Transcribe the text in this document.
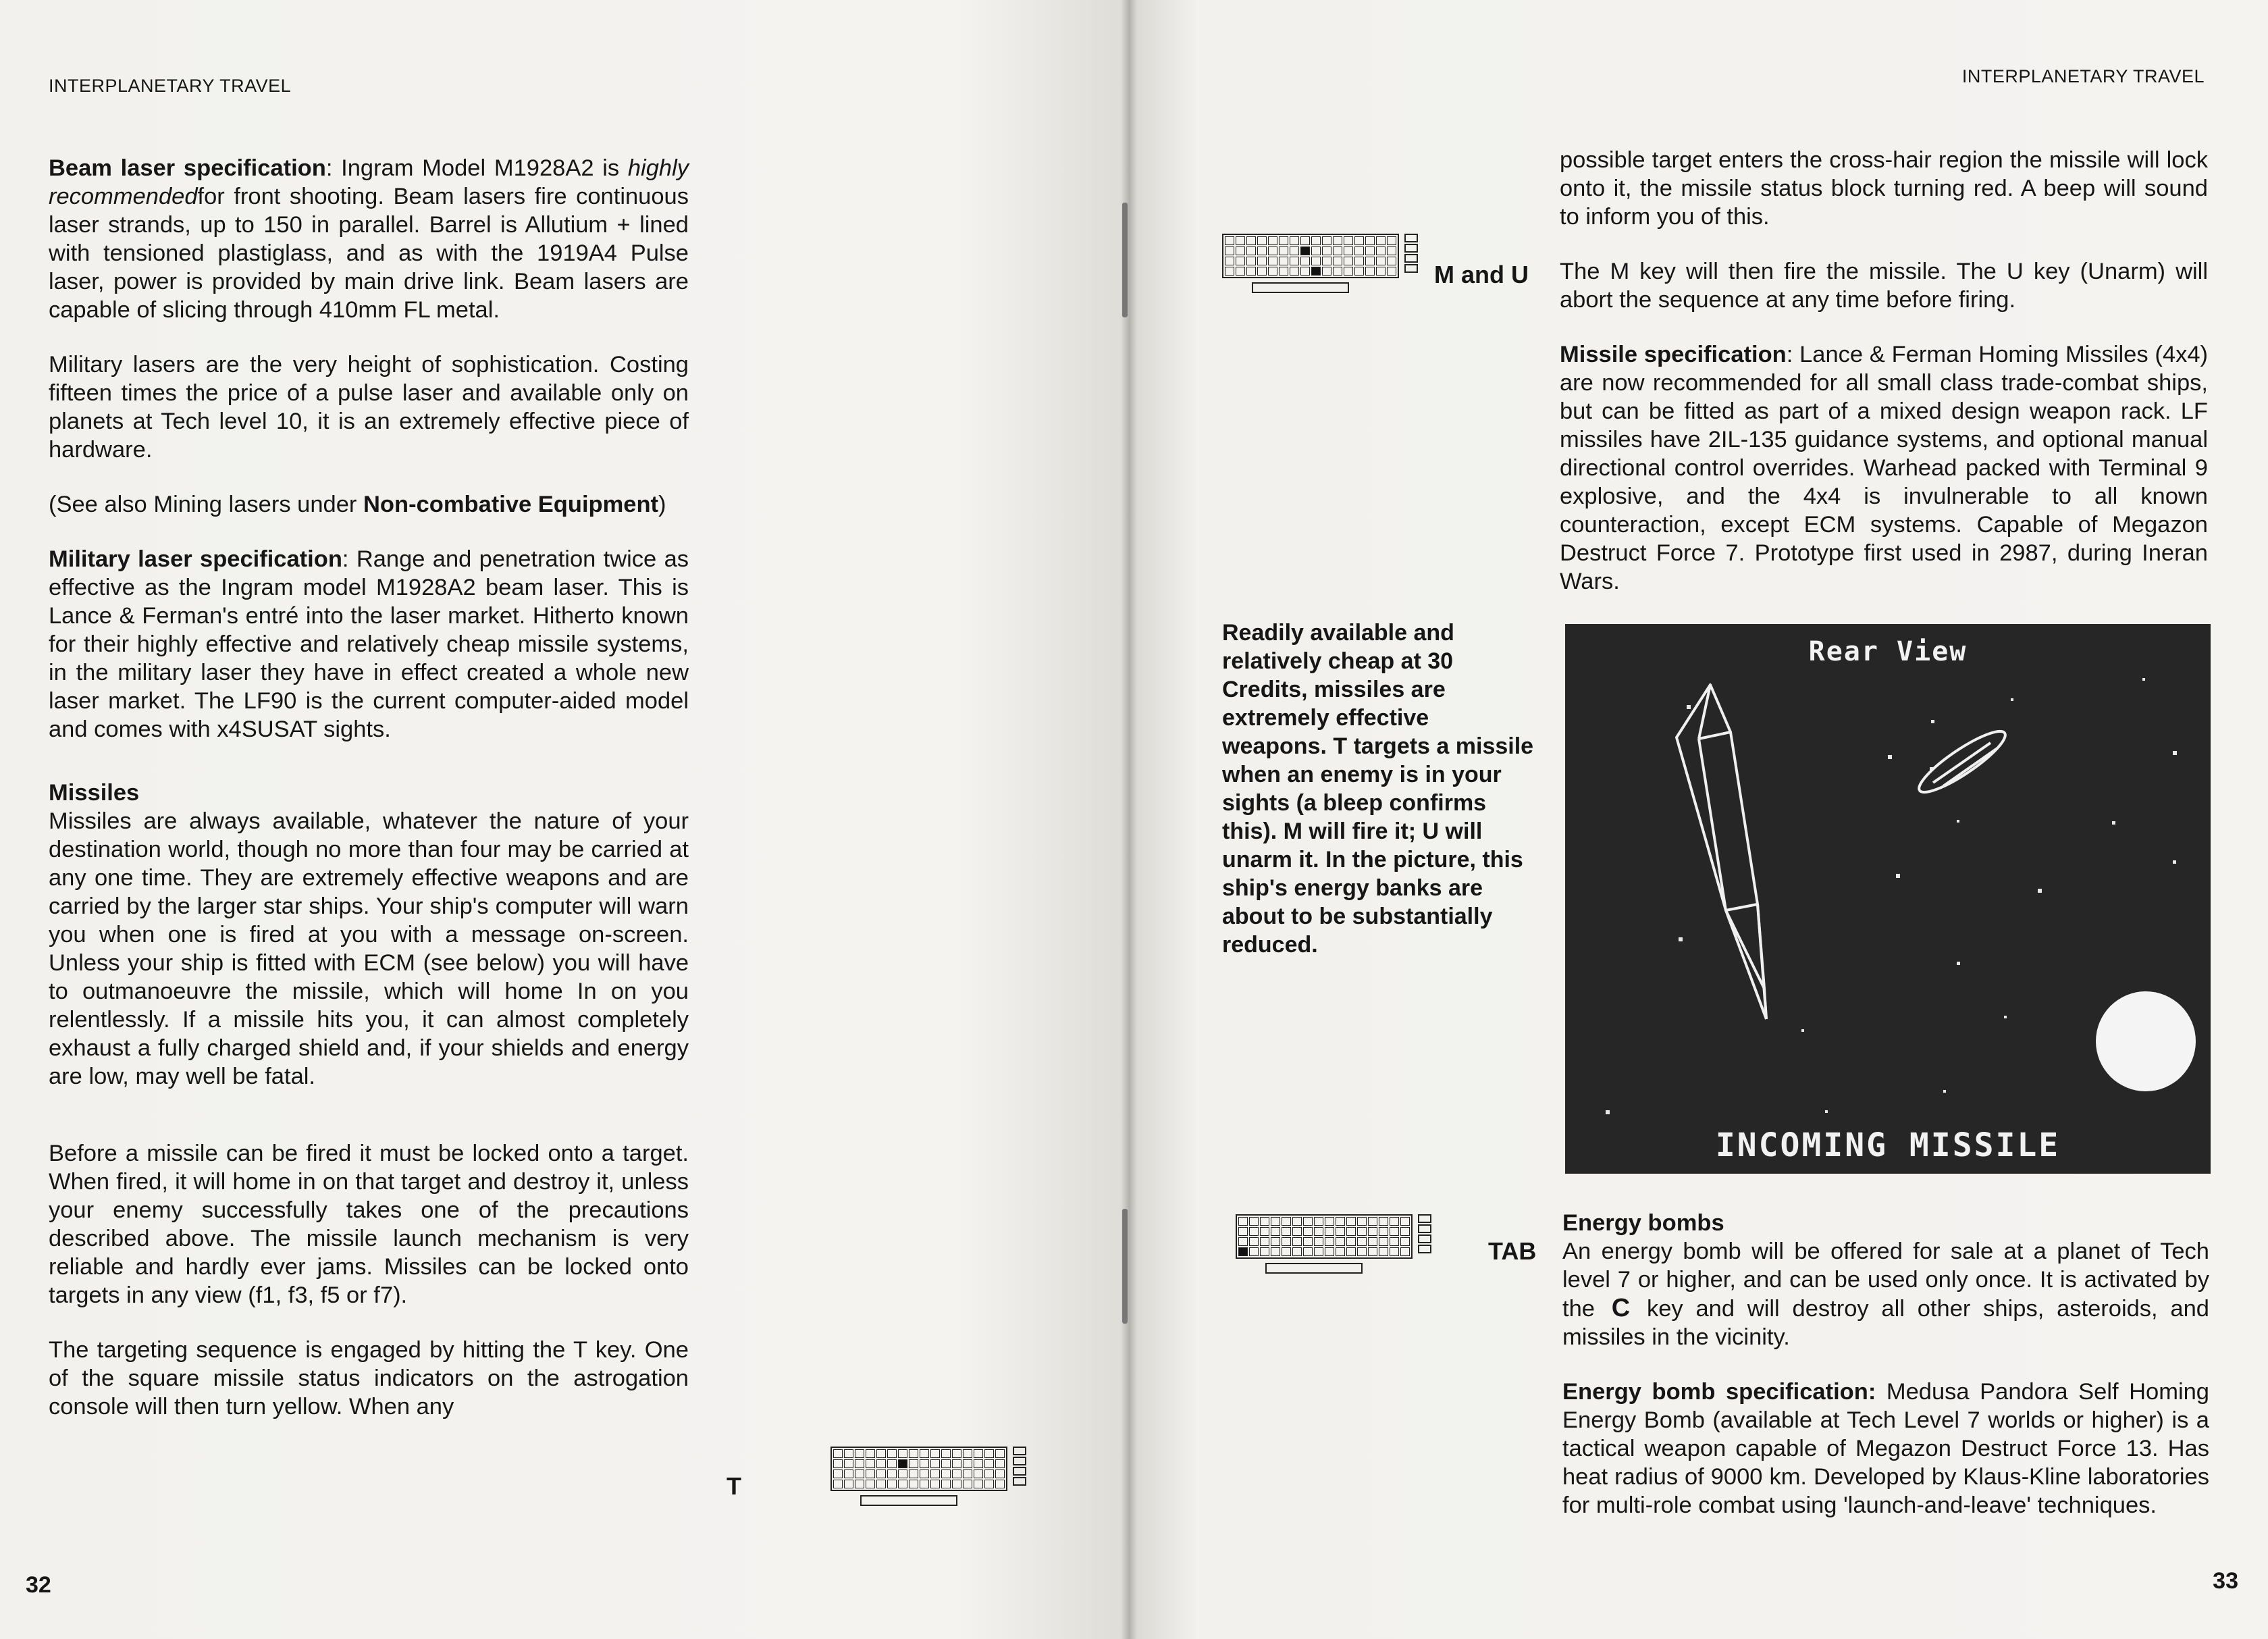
INTERPLANETARY TRAVEL

Beam laser specification: Ingram Model M1928A2 is highly recommendedfor front shooting. Beam lasers fire continuous laser strands, up to 150 in parallel. Barrel is Allutium + lined with tensioned plastiglass, and as with the 1919A4 Pulse laser, power is provided by main drive link. Beam lasers are capable of slicing through 410mm FL metal.

Military lasers are the very height of sophistication. Costing fifteen times the price of a pulse laser and available only on planets at Tech level 10, it is an extremely effective piece of hardware.

(See also Mining lasers under Non-combative Equipment)

Military laser specification: Range and penetration twice as effective as the Ingram model M1928A2 beam laser. This is Lance & Ferman's entré into the laser market. Hitherto known for their highly effective and relatively cheap missile systems, in the military laser they have in effect created a whole new laser market. The LF90 is the current computer-aided model and comes with x4SUSAT sights.

Missiles

Missiles are always available, whatever the nature of your destination world, though no more than four may be carried at any one time. They are extremely effective weapons and are carried by the larger star ships. Your ship's computer will warn you when one is fired at you with a message on-screen. Unless your ship is fitted with ECM (see below) you will have to outmanoeuvre the missile, which will home In on you relentlessly. If a missile hits you, it can almost completely exhaust a fully charged shield and, if your shields and energy are low, may well be fatal.

Before a missile can be fired it must be locked onto a target. When fired, it will home in on that target and destroy it, unless your enemy successfully takes one of the precautions described above. The missile launch mechanism is very reliable and hardly ever jams. Missiles can be locked onto targets in any view (f1, f3, f5 or f7).

The targeting sequence is engaged by hitting the T key. One of the square missile status indicators on the astrogation console will then turn yellow. When any

T
32
INTERPLANETARY TRAVEL

possible target enters the cross-hair region the missile will lock onto it, the missile status block turning red. A beep will sound to inform you of this.

The M key will then fire the missile. The U key (Unarm) will abort the sequence at any time before firing.

Missile specification: Lance & Ferman Homing Missiles (4x4) are now recommended for all small class trade-combat ships, but can be fitted as part of a mixed design weapon rack. LF missiles have 2IL-135 guidance systems, and optional manual directional control overrides. Warhead packed with Terminal 9 explosive, and the 4x4 is invulnerable to all known counteraction, except ECM systems. Capable of Megazon Destruct Force 7. Prototype first used in 2987, during Ineran Wars.

M and U
Readily available and relatively cheap at 30 Credits, missiles are extremely effective weapons. T targets a missile when an enemy is in your sights (a bleep confirms this). M will fire it; U will unarm it. In the picture, this ship's energy banks are about to be substantially reduced.
Rear View
INCOMING MISSILE
Energy bombs

An energy bomb will be offered for sale at a planet of Tech level 7 or higher, and can be used only once. It is activated by the C key and will destroy all other ships, asteroids, and missiles in the vicinity.

Energy bomb specification: Medusa Pandora Self Homing Energy Bomb (available at Tech Level 7 worlds or higher) is a tactical weapon capable of Megazon Destruct Force 13. Has heat radius of 9000 km. Developed by Klaus-Kline laboratories for multi-role combat using 'launch-and-leave' techniques.

TAB
33
